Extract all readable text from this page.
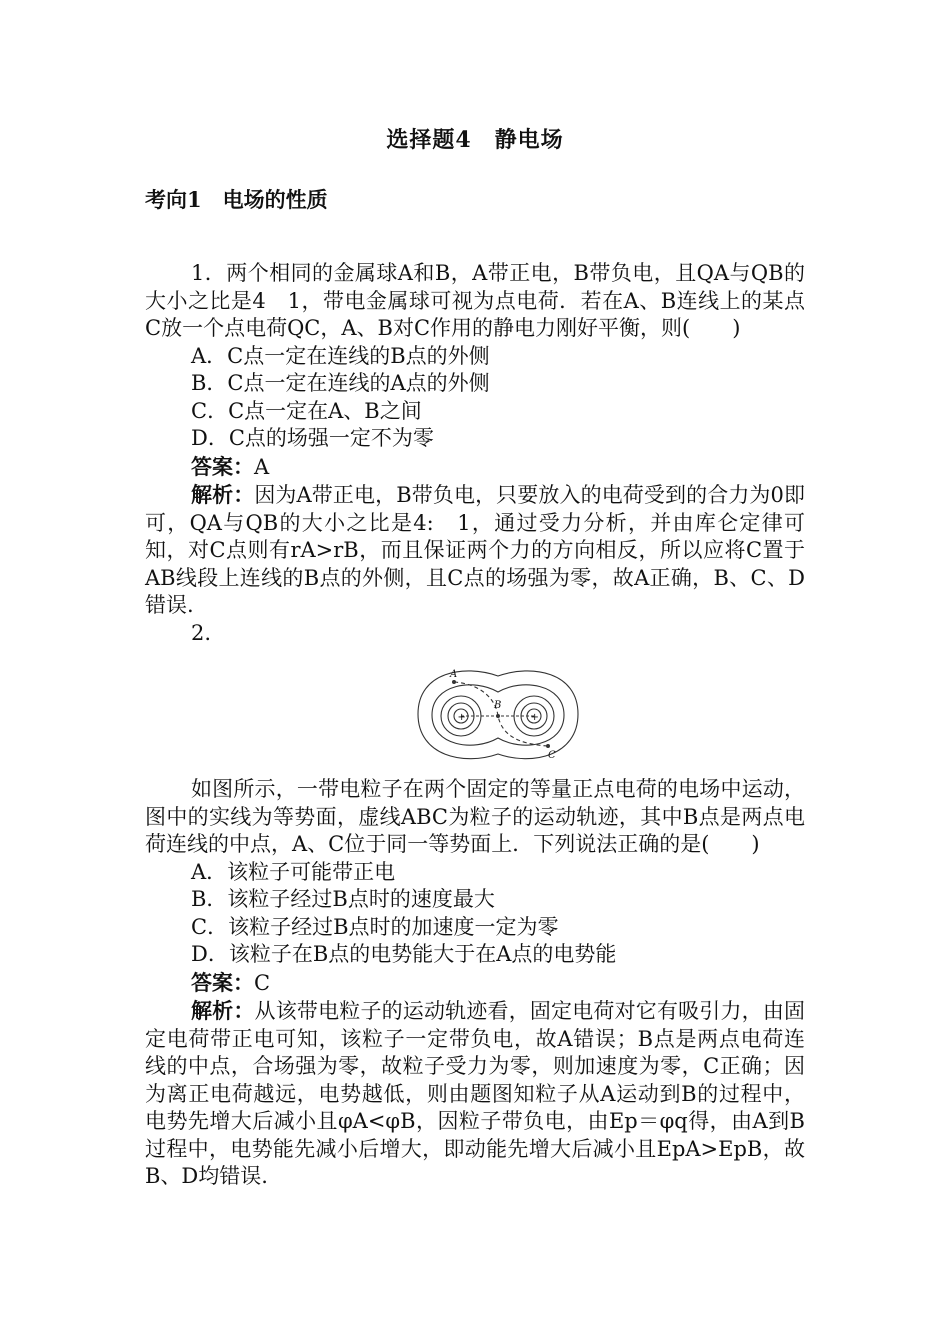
选择题4　静电场
考向1　电场的性质

1．两个相同的金属球A和B，A带正电，B带负电，且QA与QB的大小之比是4　1，带电金属球可视为点电荷．若在A、B连线上的某点C放一个点电荷QC，A、B对C作用的静电力刚好平衡，则(　　)

A．C点一定在连线的B点的外侧

B．C点一定在连线的A点的外侧

C．C点一定在A、B之间

D．C点的场强一定不为零

答案：A

解析：因为A带正电，B带负电，只要放入的电荷受到的合力为0即可，QA与QB的大小之比是4:　1，通过受力分析，并由库仑定律可知，对C点则有rA>rB，而且保证两个力的方向相反，所以应将C置于AB线段上连线的B点的外侧，且C点的场强为零，故A正确，B、C、D错误.

2.

+	+
A
B
C

如图所示，一带电粒子在两个固定的等量正点电荷的电场中运动，图中的实线为等势面，虚线ABC为粒子的运动轨迹，其中B点是两点电荷连线的中点，A、C位于同一等势面上．下列说法正确的是(　　)

A．该粒子可能带正电

B．该粒子经过B点时的速度最大

C．该粒子经过B点时的加速度一定为零

D．该粒子在B点的电势能大于在A点的电势能

答案：C

解析：从该带电粒子的运动轨迹看，固定电荷对它有吸引力，由固定电荷带正电可知，该粒子一定带负电，故A错误；B点是两点电荷连线的中点，合场强为零，故粒子受力为零，则加速度为零，C正确；因为离正电荷越远，电势越低，则由题图知粒子从A运动到B的过程中，电势先增大后减小且φA<φB，因粒子带负电，由Ep＝φq得，由A到B过程中，电势能先减小后增大，即动能先增大后减小且EpA>EpB，故B、D均错误.
